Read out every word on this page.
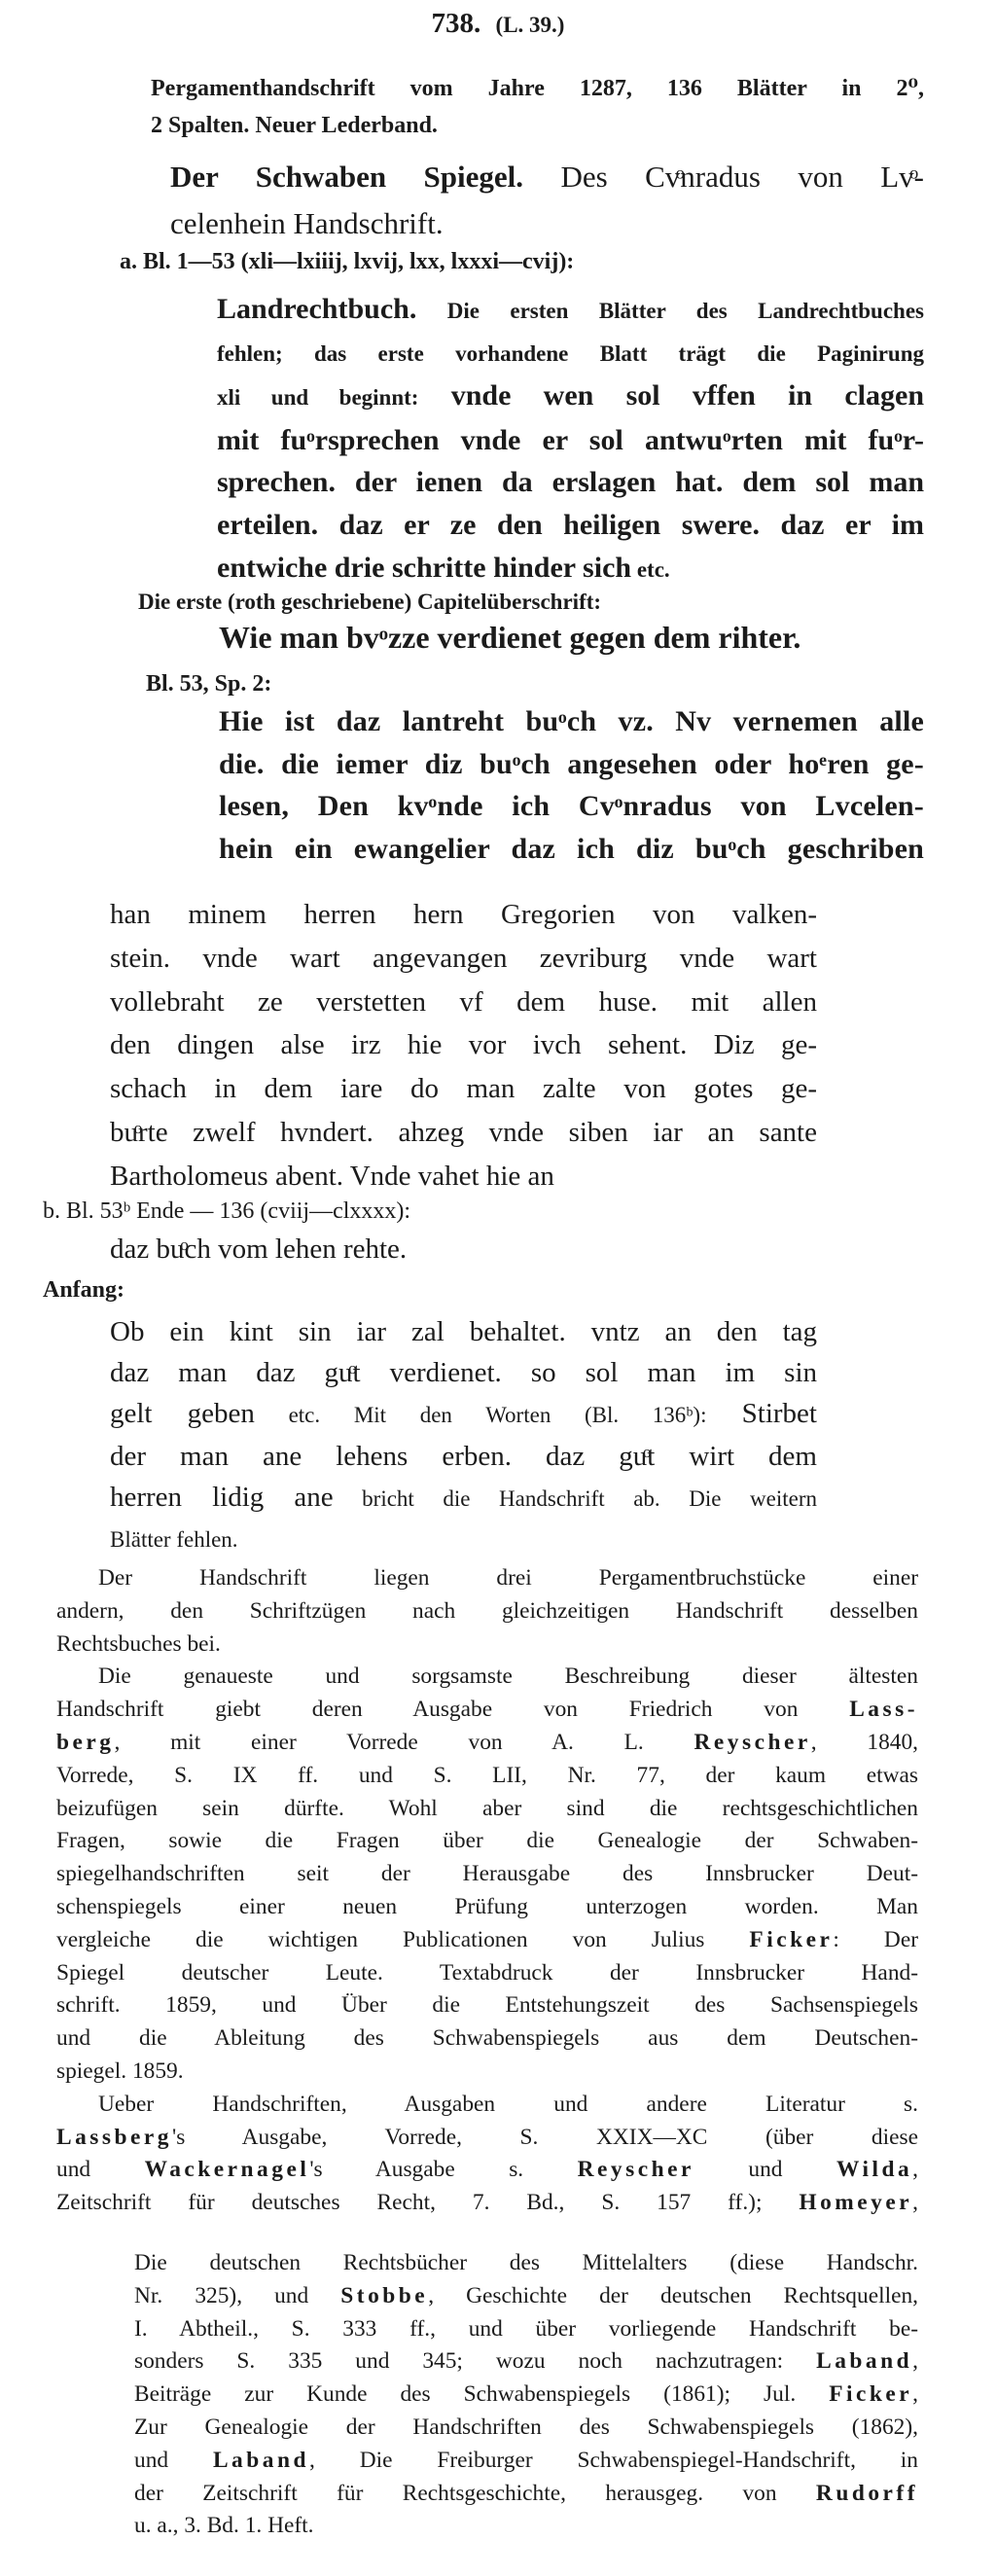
738. (L. 39.)
Pergamenthandschrift vom Jahre 1287, 136 Blätter in 2⁰,
2 Spalten. Neuer Lederband.
Der Schwaben Spiegel. Des Cvͦnradus von Lvͦ-
celenhein Handschrift.
a. Bl. 1—53 (xli—lxiiij, lxvij, lxx, lxxxi—cvij):
Landrechtbuch. Die ersten Blätter des Landrechtbuches
fehlen; das erste vorhandene Blatt trägt die Paginirung
xli und beginnt: vnde wen sol vffen in clagen
mit fuͦrsprechen vnde er sol antwuͦrten mit fuͦr-
sprechen. der ienen da erslagen hat. dem sol man
erteilen. daz er ze den heiligen swere. daz er im
entwiche drie schritte hinder sich etc.
Die erste (roth geschriebene) Capitelüberschrift:
Wie man bvͦzze verdienet gegen dem rihter.
Bl. 53, Sp. 2:
Hie ist daz lantreht buͦch vz. Nv vernemen alle
die. die iemer diz buͦch angesehen oder hoͤren ge-
lesen, Den kvͦnde ich Cvͦnradus von Lvcelen-
hein ein ewangelier daz ich diz buͦch geschriben
han minem herren hern Gregorien von valken-
stein. vnde wart angevangen zevriburg vnde wart
vollebraht ze verstetten vf dem huse. mit allen
den dingen alse irz hie vor ivch sehent. Diz ge-
schach in dem iare do man zalte von gotes ge-
buͦrte zwelf hvndert. ahzeg vnde siben iar an sante
Bartholomeus abent. Vnde vahet hie an
b. Bl. 53ᵇ Ende — 136 (cviij—clxxxx):
daz buͦch vom lehen rehte.
Anfang:
Ob ein kint sin iar zal behaltet. vntz an den tag
daz man daz guͦt verdienet. so sol man im sin
gelt geben etc. Mit den Worten (Bl. 136ᵇ): Stirbet
der man ane lehens erben. daz guͦt wirt dem
herren lidig ane bricht die Handschrift ab. Die weitern
Blätter fehlen.

Der Handschrift liegen drei Pergamentbruchstücke einer
andern, den Schriftzügen nach gleichzeitigen Handschrift desselben
Rechtsbuches bei.

Die genaueste und sorgsamste Beschreibung dieser ältesten
Handschrift giebt deren Ausgabe von Friedrich von Lass-
berg, mit einer Vorrede von A. L. Reyscher, 1840,
Vorrede, S. IX ff. und S. LII, Nr. 77, der kaum etwas
beizufügen sein dürfte. Wohl aber sind die rechtsgeschichtlichen
Fragen, sowie die Fragen über die Genealogie der Schwaben-
spiegelhandschriften seit der Herausgabe des Innsbrucker Deut-
schenspiegels einer neuen Prüfung unterzogen worden. Man
vergleiche die wichtigen Publicationen von Julius Ficker: Der
Spiegel deutscher Leute. Textabdruck der Innsbrucker Hand-
schrift. 1859, und Über die Entstehungszeit des Sachsenspiegels
und die Ableitung des Schwabenspiegels aus dem Deutschen-
spiegel. 1859.

Ueber Handschriften, Ausgaben und andere Literatur s.
Lassberg's Ausgabe, Vorrede, S. XXIX—XC (über diese
und Wackernagel's Ausgabe s. Reyscher und Wilda,
Zeitschrift für deutsches Recht, 7. Bd., S. 157 ff.); Homeyer,

Die deutschen Rechtsbücher des Mittelalters (diese Handschr.
Nr. 325), und Stobbe, Geschichte der deutschen Rechtsquellen,
I. Abtheil., S. 333 ff., und über vorliegende Handschrift be-
sonders S. 335 und 345; wozu noch nachzutragen: Laband,
Beiträge zur Kunde des Schwabenspiegels (1861); Jul. Ficker,
Zur Genealogie der Handschriften des Schwabenspiegels (1862),
und Laband, Die Freiburger Schwabenspiegel-Handschrift, in
der Zeitschrift für Rechtsgeschichte, herausgeg. von Rudorff
u. a., 3. Bd. 1. Heft.
